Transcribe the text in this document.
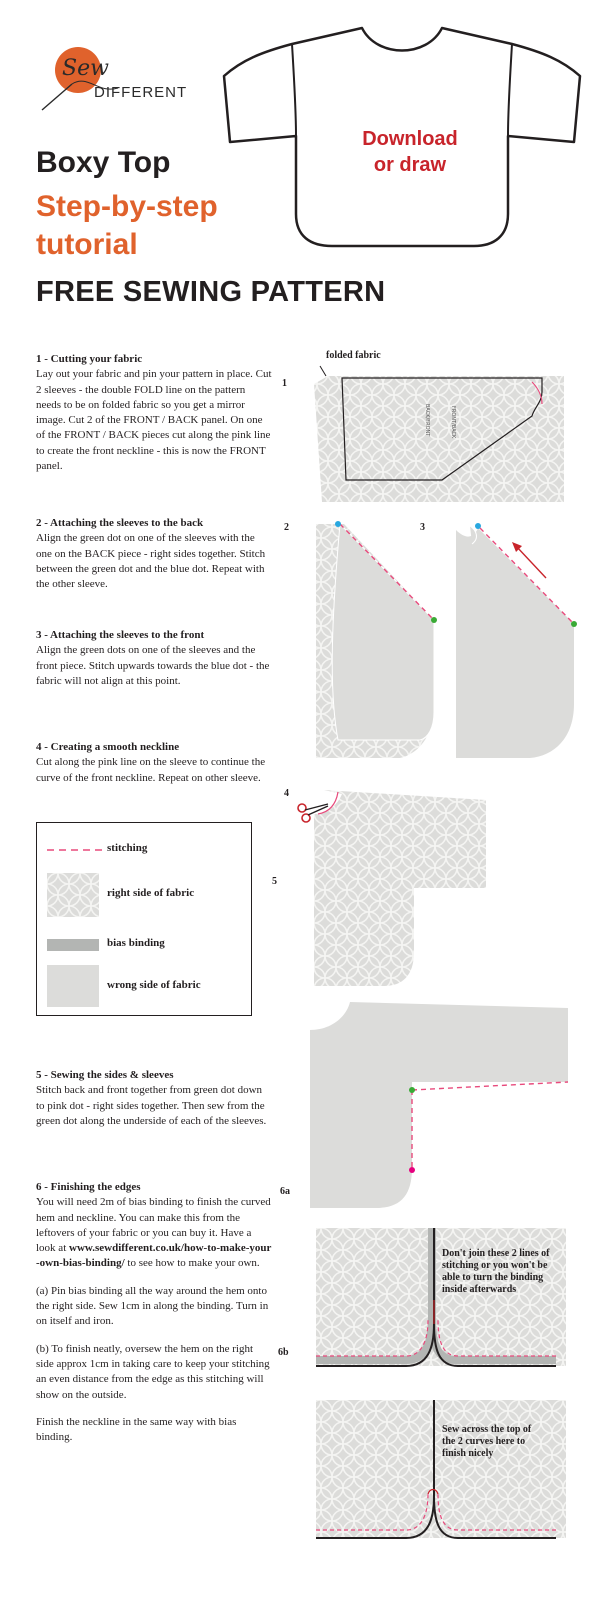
Sew
DIFFERENT
Download
or draw
Boxy Top
Step-by-step
tutorial
FREE SEWING PATTERN
1 - Cutting your fabric

Lay out your fabric and pin your pattern in place. Cut 2 sleeves - the double FOLD line on the pattern needs to be on folded fabric so you get a mirror image. Cut 2 of the FRONT / BACK panel. On one of the FRONT / BACK pieces cut along the pink line to create the front neckline - this is now the FRONT panel.

2 - Attaching the sleeves to the back

Align the green dot on one of the sleeves with the one on the BACK piece - right sides together. Stitch between the green dot and the blue dot. Repeat with the other sleeve.

3 - Attaching the sleeves to the front

Align the green dots on one of the sleeves and the front piece. Stitch upwards towards the blue dot - the fabric will not align at this point.

4 - Creating a smooth neckline

Cut along the pink line on the sleeve to continue the curve of the front neckline. Repeat on other sleeve.

stitching
right side of fabric
bias binding
wrong side of fabric
5 - Sewing the sides & sleeves

Stitch back and front together from green dot down to pink dot - right sides together. Then sew from the green dot along the underside of each of the sleeves.

6 - Finishing the edges

You will need 2m of bias binding to finish the curved hem and neckline. You can make this from the leftovers of your fabric or you can buy it. Have a look at www.sewdifferent.co.uk/how-to-make-your-own-bias-binding/ to see how to make your own.

(a) Pin bias binding all the way around the hem onto the right side. Sew 1cm in along the binding. Turn in on itself and iron.

(b) To finish neatly, oversew the hem on the right side approx 1cm in taking care to keep your stitching an even distance from the edge as this stitching will show on the outside.

Finish the neckline in the same way with bias binding.

1
folded fabric
BACK/FRONT	FRONT/BACK
2	3
4
5
6a
6b
Don't join these 2 lines of stitching or you won't be able to turn the binding inside afterwards
Sew across the top of the 2 curves here to finish nicely
